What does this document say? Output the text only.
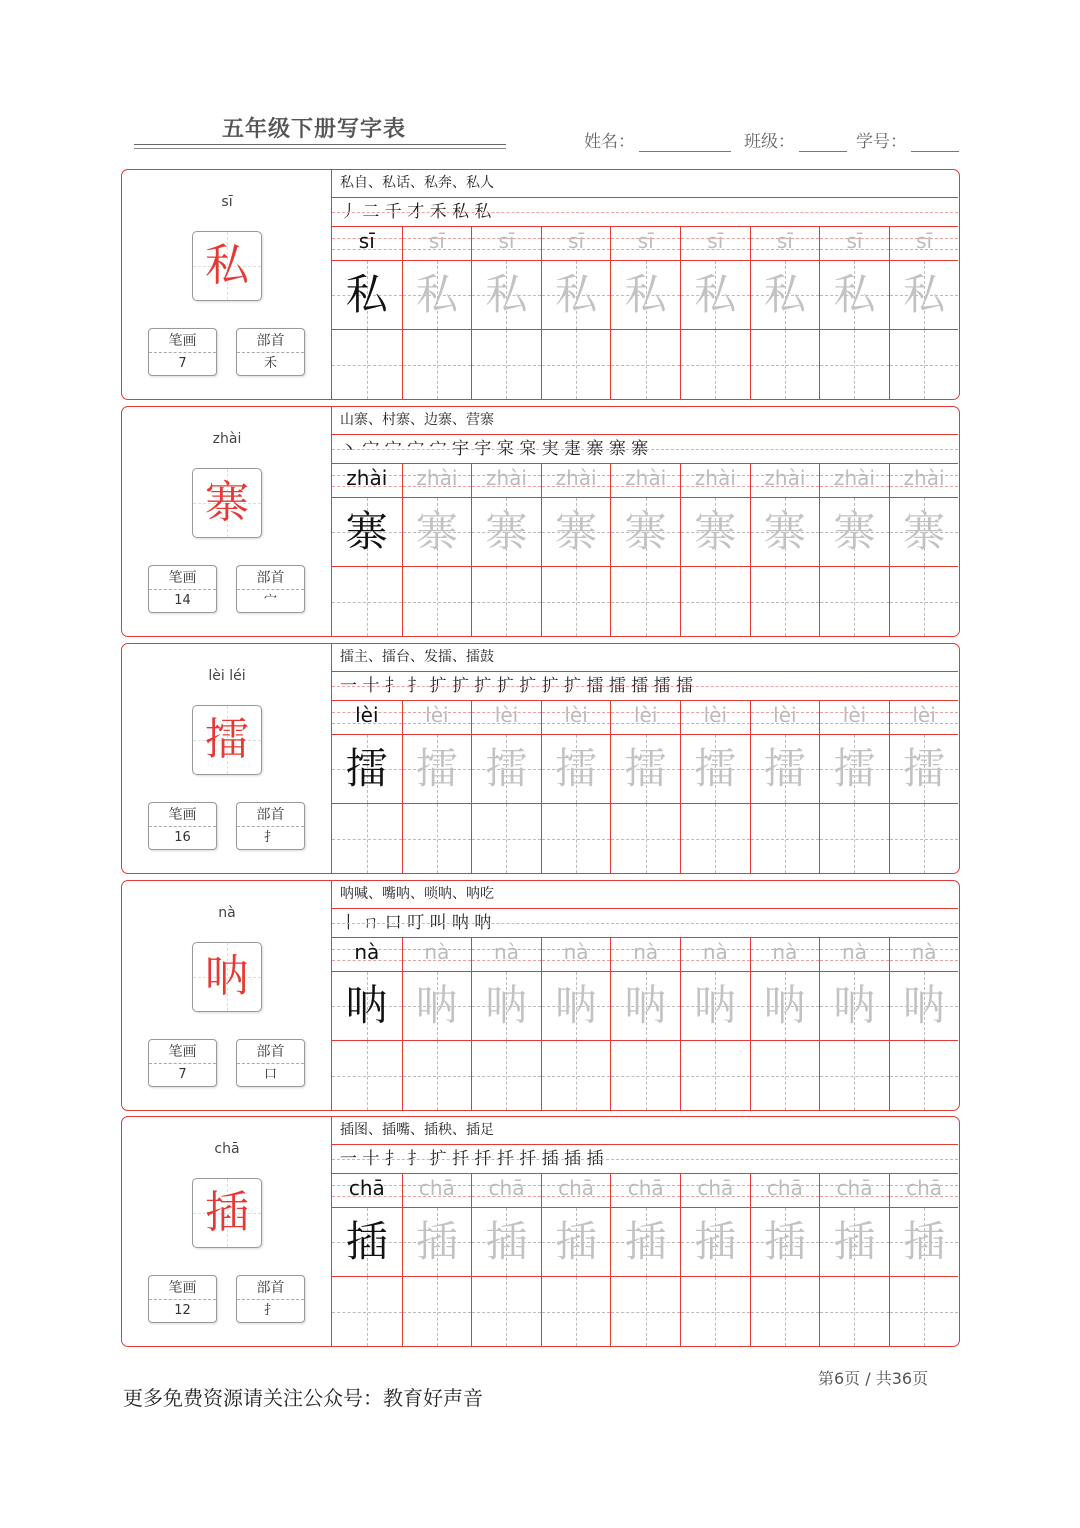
五年级下册写字表	姓名：	班级：	学号：
sī
私
笔画
7
部首
禾
私自、私话、私奔、私人
丿 二 千 才 禾 私 私
sī
私
sī
私
sī
私
sī
私
sī
私
sī
私
sī
私
sī
私
sī
私
zhài
寨
笔画
14
部首
宀
山寨、村寨、边寨、营寨
丶 宀 宀 宀 宀 宇 宇 宲 宲 実 寁 寨 寨 寨
zhài
寨
zhài
寨
zhài
寨
zhài
寨
zhài
寨
zhài
寨
zhài
寨
zhài
寨
zhài
寨
lèi léi
擂
笔画
16
部首
扌
擂主、擂台、发擂、擂鼓
一 十 扌 扌 扩 扩 扩 扩 扩 扩 扩 擂 擂 擂 擂 擂
lèi
擂
lèi
擂
lèi
擂
lèi
擂
lèi
擂
lèi
擂
lèi
擂
lèi
擂
lèi
擂
nà
呐
笔画
7
部首
口
呐喊、嘴呐、唢呐、呐吃
丨 ㄇ 口 叮 叫 呐 呐
nà
呐
nà
呐
nà
呐
nà
呐
nà
呐
nà
呐
nà
呐
nà
呐
nà
呐
chā
插
笔画
12
部首
扌
插图、插嘴、插秧、插足
一 十 扌 扌 扩 扦 扦 扦 扦 插 插 插
chā
插
chā
插
chā
插
chā
插
chā
插
chā
插
chā
插
chā
插
chā
插
第6页 / 共36页
更多免费资源请关注公众号：教育好声音
